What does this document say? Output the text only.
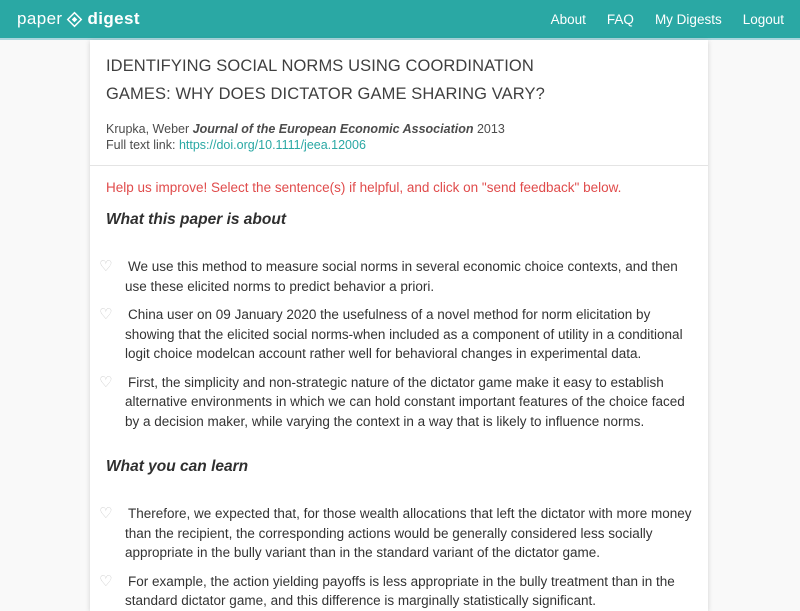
paper digest	About FAQ My Digests Logout
IDENTIFYING SOCIAL NORMS USING COORDINATION GAMES: WHY DOES DICTATOR GAME SHARING VARY?

Krupka, Weber Journal of the European Economic Association 2013

Full text link: https://doi.org/10.1111/jeea.12006

Help us improve! Select the sentence(s) if helpful, and click on "send feedback" below.

What this paper is about
♡	We use this method to measure social norms in several economic choice contexts, and then use these elicited norms to predict behavior a priori.

♡	China user on 09 January 2020 the usefulness of a novel method for norm elicitation by showing that the elicited social norms-when included as a component of utility in a conditional logit choice modelcan account rather well for behavioral changes in experimental data.

♡	First, the simplicity and non-strategic nature of the dictator game make it easy to establish alternative environments in which we can hold constant important features of the choice faced by a decision maker, while varying the context in a way that is likely to influence norms.

What you can learn
♡	Therefore, we expected that, for those wealth allocations that left the dictator with more money than the recipient, the corresponding actions would be generally considered less socially appropriate in the bully variant than in the standard variant of the dictator game.

♡	For example, the action yielding payoffs is less appropriate in the bully treatment than in the standard dictator game, and this difference is marginally statistically significant.
